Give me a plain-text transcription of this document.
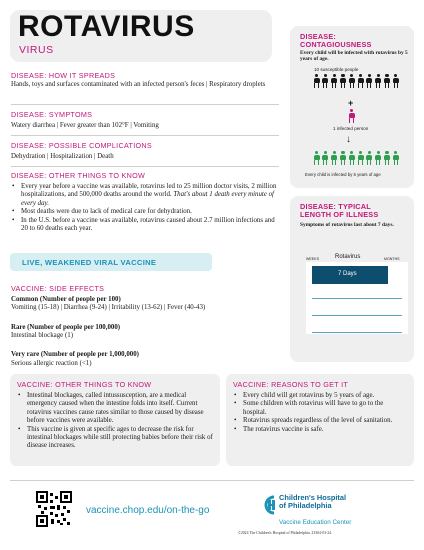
ROTAVIRUS
VIRUS
DISEASE: HOW IT SPREADS
Hands, toys and surfaces contaminated with an infected person's feces | Respiratory droplets
DISEASE: SYMPTOMS
Watery diarrhea | Fever greater than 102°F | Vomiting
DISEASE: POSSIBLE COMPLICATIONS
Dehydration | Hospitalization | Death
DISEASE: OTHER THINGS TO KNOW
• Every year before a vaccine was available, rotavirus led to 25 million doctor visits, 2 million hospitalizations, and 500,000 deaths around the world. That's about 1 death every minute of every day.
• Most deaths were due to lack of medical care for dehydration.
• In the U.S. before a vaccine was available, rotavirus caused about 2.7 million infections and 20 to 60 deaths each year.
LIVE, WEAKENED VIRAL VACCINE
VACCINE: SIDE EFFECTS
Common (Number of people per 100)
Vomiting (15-18) | Diarrhea (9-24) | Irritability (13-62) | Fever (40-43)
Rare (Number of people per 100,000)
Intestinal blockage (1)
Very rare (Number of people per 1,000,000)
Serious allergic reaction (<1)
VACCINE: OTHER THINGS TO KNOW
• Intestinal blockages, called intussusception, are a medical emergency caused when the intestine folds into itself. Current rotavirus vaccines cause rates similar to those caused by disease before vaccines were available.
• This vaccine is given at specific ages to decrease the risk for intestinal blockages while still protecting babies before their risk of disease increases.
VACCINE: REASONS TO GET IT
• Every child will get rotavirus by 5 years of age.
• Some children with rotavirus will have to go to the hospital.
• Rotavirus spreads regardless of the level of sanitation.
• The rotavirus vaccine is safe.
DISEASE:
CONTAGIOUSNESS
Every child will be infected with rotavirus by 5 years of age.
10 susceptible people
+
1 infected person
↓
Every child is infected by 5 years of age
DISEASE: TYPICAL
LENGTH OF ILLNESS
Symptoms of rotavirus last about 7 days.
Rotavirus
WEEKS	MONTHS
7 Days
vaccine.chop.edu/on-the-go
Children's Hospital
of Philadelphia
Vaccine Education Center
©2024 The Children's Hospital of Philadelphia. 23304-03-24.
